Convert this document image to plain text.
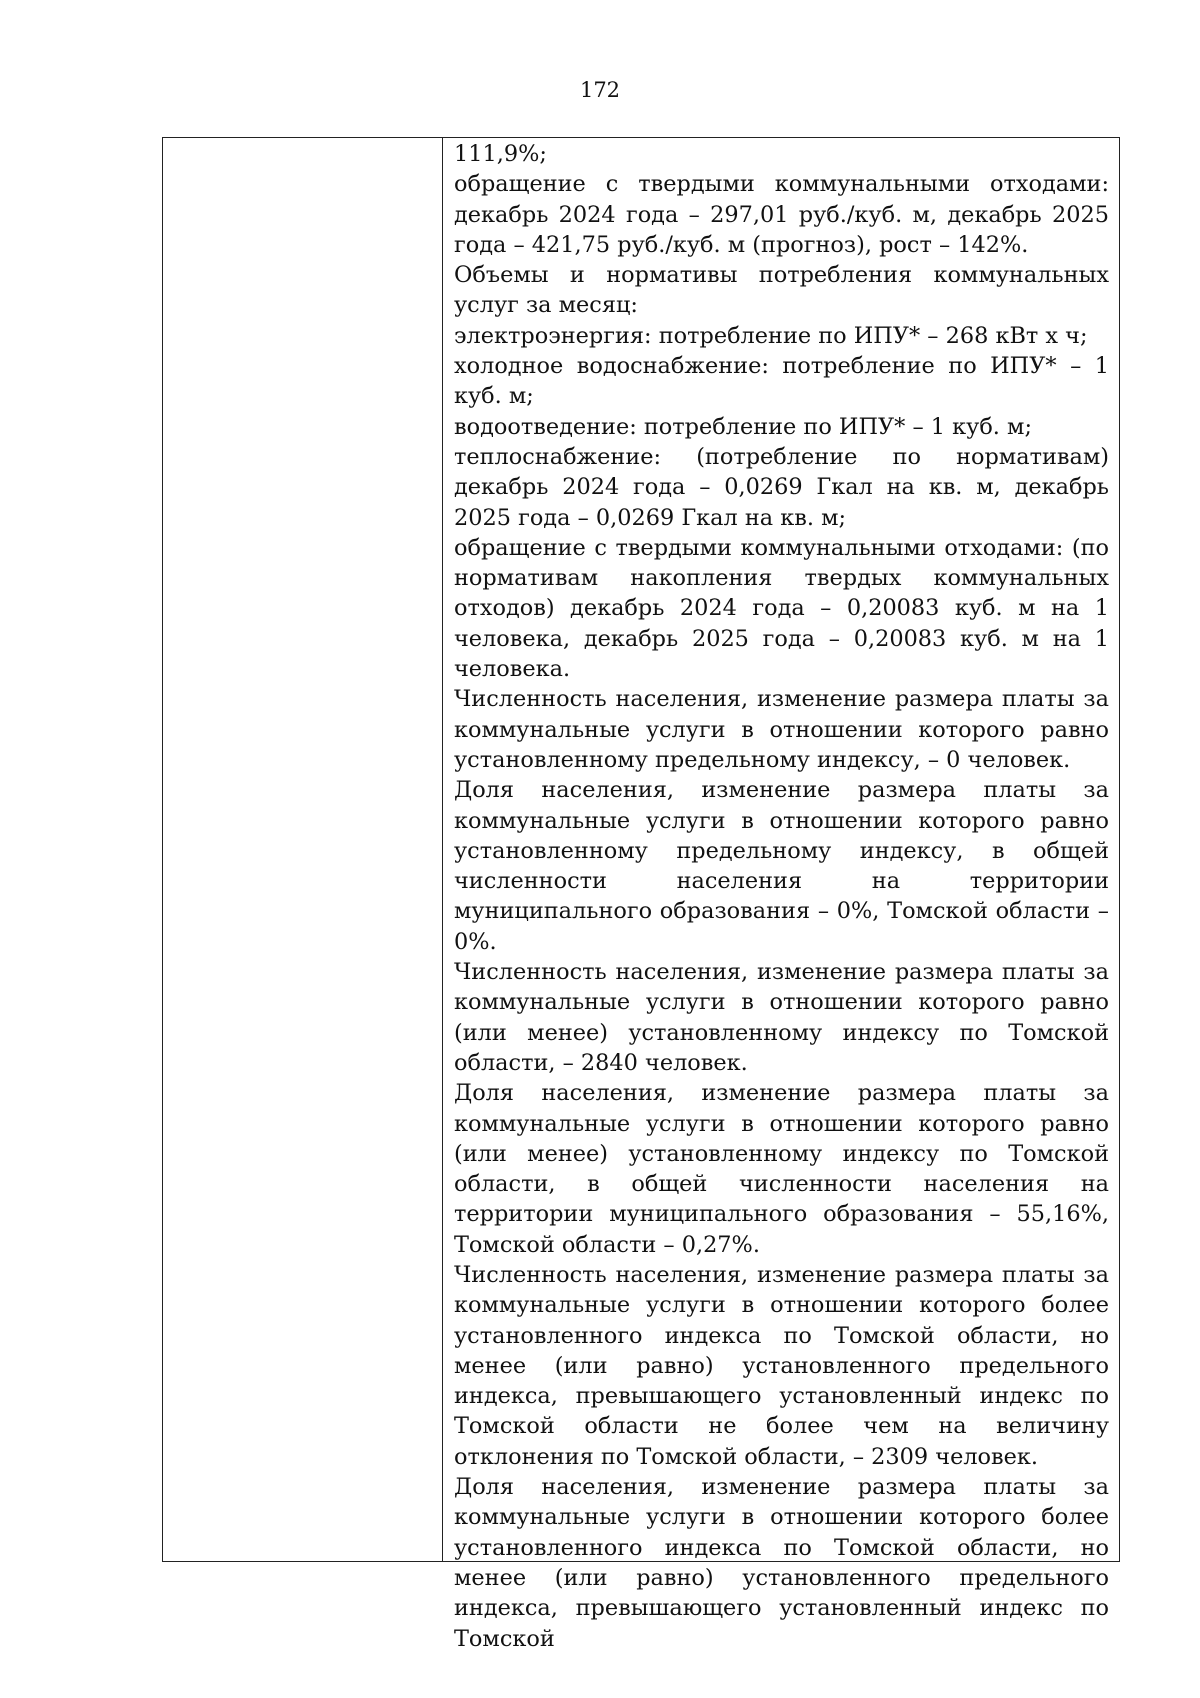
172

111,9%;

обращение с твердыми коммунальными отходами: декабрь 2024 года – 297,01 руб./куб. м, декабрь 2025 года – 421,75 руб./куб. м (прогноз), рост – 142%.

Объемы и нормативы потребления коммунальных услуг за месяц:

электроэнергия: потребление по ИПУ* – 268 кВт х ч;

холодное водоснабжение: потребление по ИПУ* – 1 куб. м;

водоотведение: потребление по ИПУ* – 1 куб. м;

теплоснабжение: (потребление по нормативам) декабрь 2024 года – 0,0269 Гкал на кв. м, декабрь 2025 года – 0,0269 Гкал на кв. м;

обращение с твердыми коммунальными отходами: (по нормативам накопления твердых коммунальных отходов) декабрь 2024 года – 0,20083 куб. м на 1 человека, декабрь 2025 года – 0,20083 куб. м на 1 человека.

Численность населения, изменение размера платы за коммунальные услуги в отношении которого равно установленному предельному индексу, – 0 человек.

Доля населения, изменение размера платы за коммунальные услуги в отношении которого равно установленному предельному индексу, в общей численности населения на территории муниципального образования – 0%, Томской области – 0%.

Численность населения, изменение размера платы за коммунальные услуги в отношении которого равно (или менее) установленному индексу по Томской области, – 2840 человек.

Доля населения, изменение размера платы за коммунальные услуги в отношении которого равно (или менее) установленному индексу по Томской области, в общей численности населения на территории муниципального образования – 55,16%, Томской области – 0,27%.

Численность населения, изменение размера платы за коммунальные услуги в отношении которого более установленного индекса по Томской области, но менее (или равно) установленного предельного индекса, превышающего установленный индекс по Томской области не более чем на величину отклонения по Томской области, – 2309 человек.

Доля населения, изменение размера платы за коммунальные услуги в отношении которого более установленного индекса по Томской области, но менее (или равно) установленного предельного индекса, превышающего установленный индекс по Томской
